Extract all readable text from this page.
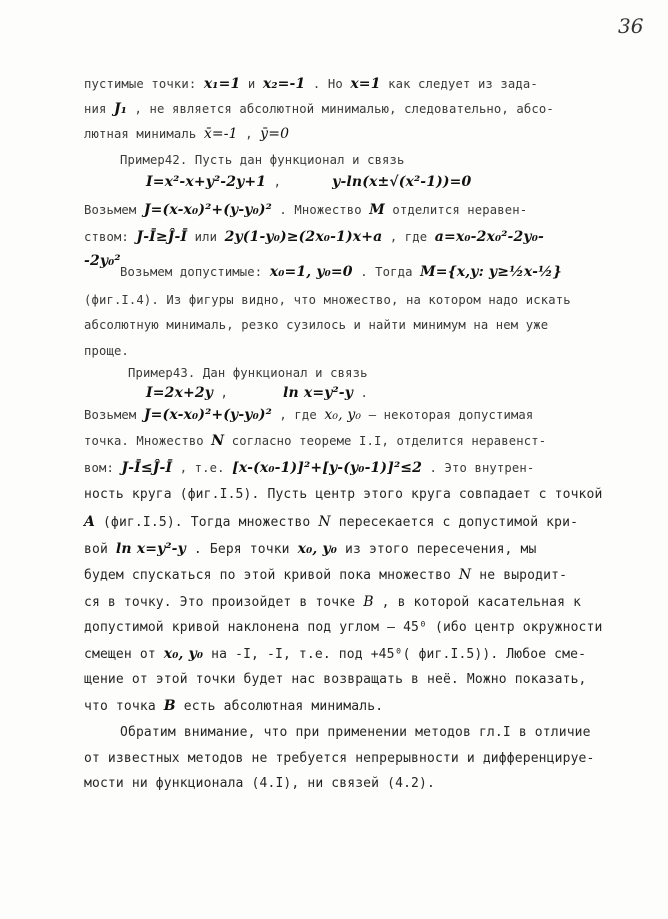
36
пустимые точки: x₁=1 и x₂=-1 . Но x=1 как следует из зада-
ния J₁ , не является абсолютной минималью, следовательно, абсо-
лютная минималь x̄=-1 , ȳ=0
Пример42. Пусть дан функционал и связь
I=x²-x+y²-2y+1 ,	y-ln(x±√(x²-1))=0
Возьмем J=(x-x₀)²+(y-y₀)² . Множество M отделится неравен-
ством: J-Ī≥Ĵ-Ī или 2y(1-y₀)≥(2x₀-1)x+a , где a=x₀-2x₀²-2y₀-
-2y₀²
Возьмем допустимые: x₀=1, y₀=0 . Тогда M={x,y: y≥½x-½}
(фиг.I.4). Из фигуры видно, что множество, на котором надо искать
абсолютную минималь, резко сузилось и найти минимум на нем уже
проще.
Пример43. Дан функционал и связь
I=2x+2y ,	ln x=y²-y .
Возьмем J=(x-x₀)²+(y-y₀)² , где x₀, y₀ – некоторая допустимая
точка. Множество N согласно теореме I.I, отделится неравенст-
вом: J-Ī≤Ĵ-Ī , т.е. [x-(x₀-1)]²+[y-(y₀-1)]²≤2 . Это внутрен-
ность круга (фиг.I.5). Пусть центр этого круга совпадает с точкой
A (фиг.I.5). Тогда множество N пересекается с допустимой кри-
вой ln x=y²-y . Беря точки x₀, y₀ из этого пересечения, мы
будем спускаться по этой кривой пока множество N не выродит-
ся в точку. Это произойдет в точке B , в которой касательная к
допустимой кривой наклонена под углом – 45⁰ (ибо центр окружности
смещен от x₀, y₀ на -I, -I, т.е. под +45⁰( фиг.I.5)). Любое сме-
щение от этой точки будет нас возвращать в неё. Можно показать,
что точка B есть абсолютная минималь.
Обратим внимание, что при применении методов гл.I в отличие
от известных методов не требуется непрерывности и дифференцируе-
мости ни функционала (4.I), ни связей (4.2).
